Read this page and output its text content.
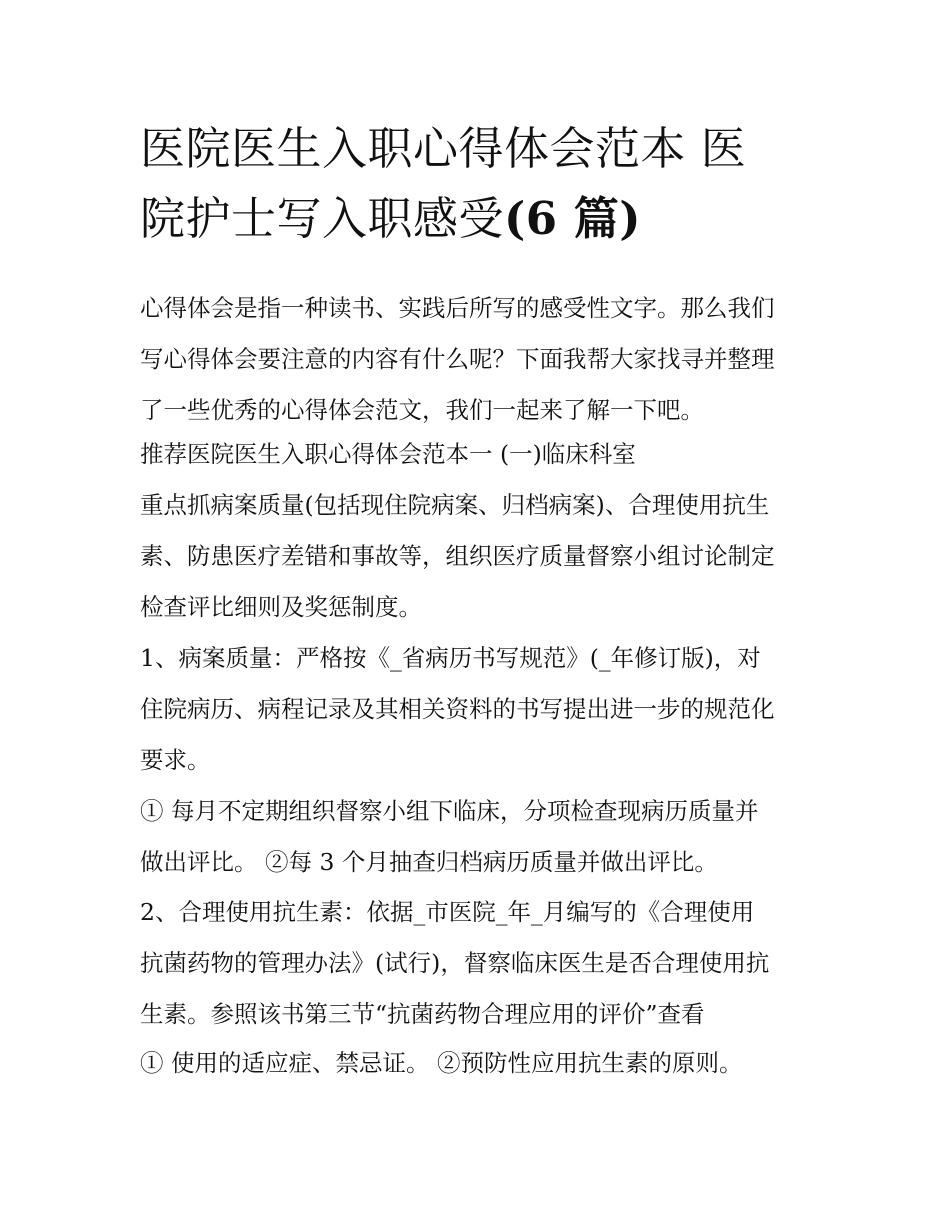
医院医生入职心得体会范本 医
院护士写入职感受(6 篇)
心得体会是指一种读书、实践后所写的感受性文字。那么我们
写心得体会要注意的内容有什么呢？下面我帮大家找寻并整理
了一些优秀的心得体会范文，我们一起来了解一下吧。
推荐医院医生入职心得体会范本一 (一)临床科室
重点抓病案质量(包括现住院病案、归档病案)、合理使用抗生
素、防患医疗差错和事故等，组织医疗质量督察小组讨论制定
检查评比细则及奖惩制度。
1、病案质量：严格按《_省病历书写规范》(_年修订版)，对
住院病历、病程记录及其相关资料的书写提出进一步的规范化
要求。
① 每月不定期组织督察小组下临床，分项检查现病历质量并
做出评比。 ②每 3 个月抽查归档病历质量并做出评比。
2、合理使用抗生素：依据_市医院_年_月编写的《合理使用
抗菌药物的管理办法》(试行)，督察临床医生是否合理使用抗
生素。参照该书第三节“抗菌药物合理应用的评价”查看
① 使用的适应症、禁忌证。 ②预防性应用抗生素的原则。
